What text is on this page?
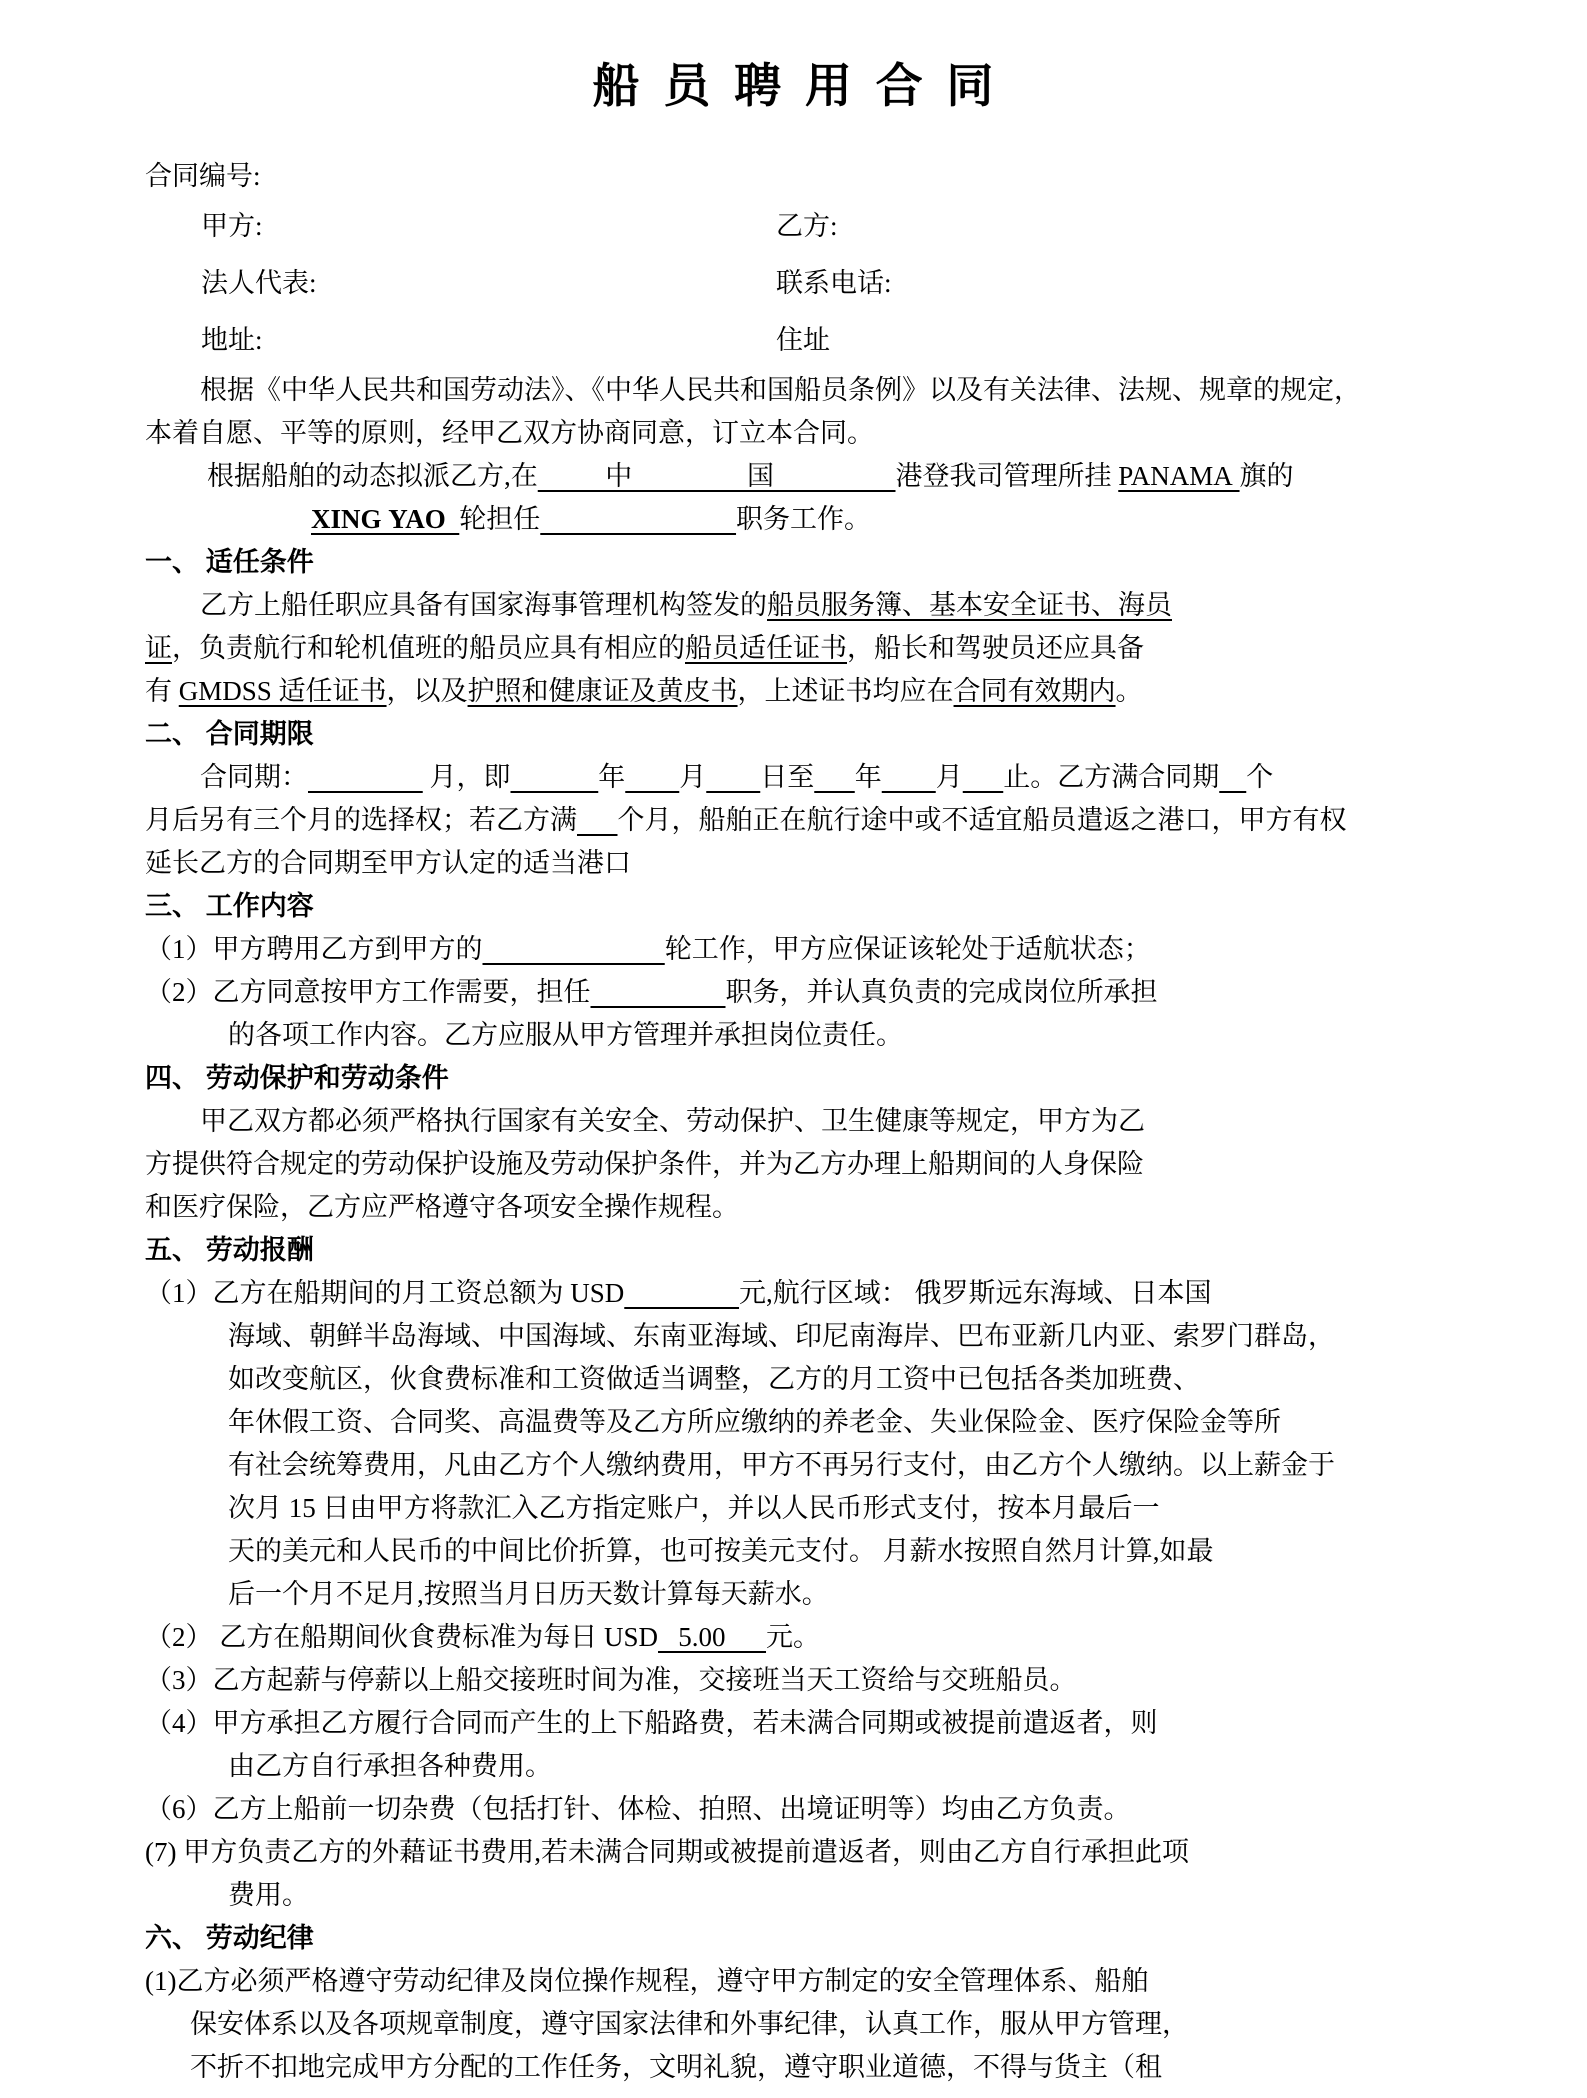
船 员 聘 用 合 同
合同编号:
甲方:	乙方:
法人代表:	联系电话:
地址:	住址
根据《中华人民共和国劳动法》、《中华人民共和国船员条例》以及有关法律、法规、规章的规定，
本着自愿、平等的原则，经甲乙双方协商同意，订立本合同。
根据船舶的动态拟派乙方,在          中                 国                  港登我司管理所挂 PANAMA 旗的
XING YAO  轮担任	职务工作。
一、 适任条件
乙方上船任职应具备有国家海事管理机构签发的船员服务簿、基本安全证书、海员
证，负责航行和轮机值班的船员应具有相应的船员适任证书，船长和驾驶员还应具备
有 GMDSS 适任证书，以及护照和健康证及黄皮书，上述证书均应在合同有效期内。
二、 合同期限
合同期：	月，即	年 月 日至 年 月 止。乙方满合同期 个
月后另有三个月的选择权；若乙方满 个月，船舶正在航行途中或不适宜船员遣返之港口，甲方有权
延长乙方的合同期至甲方认定的适当港口
三、 工作内容
（1）甲方聘用乙方到甲方的	轮工作，甲方应保证该轮处于适航状态；
（2）乙方同意按甲方工作需要，担任	职务，并认真负责的完成岗位所承担
的各项工作内容。乙方应服从甲方管理并承担岗位责任。
四、 劳动保护和劳动条件
甲乙双方都必须严格执行国家有关安全、劳动保护、卫生健康等规定，甲方为乙
方提供符合规定的劳动保护设施及劳动保护条件，并为乙方办理上船期间的人身保险
和医疗保险，乙方应严格遵守各项安全操作规程。
五、 劳动报酬
（1）乙方在船期间的月工资总额为 USD	元,航行区域： 俄罗斯远东海域、日本国
海域、朝鲜半岛海域、中国海域、东南亚海域、印尼南海岸、巴布亚新几内亚、索罗门群岛，
如改变航区，伙食费标准和工资做适当调整，乙方的月工资中已包括各类加班费、
年休假工资、合同奖、高温费等及乙方所应缴纳的养老金、失业保险金、医疗保险金等所
有社会统筹费用，凡由乙方个人缴纳费用，甲方不再另行支付，由乙方个人缴纳。以上薪金于
次月 15 日由甲方将款汇入乙方指定账户，并以人民币形式支付，按本月最后一
天的美元和人民币的中间比价折算，也可按美元支付。 月薪水按照自然月计算,如最
后一个月不足月,按照当月日历天数计算每天薪水。
（2） 乙方在船期间伙食费标准为每日 USD   5.00      元。
（3）乙方起薪与停薪以上船交接班时间为准，交接班当天工资给与交班船员。
（4）甲方承担乙方履行合同而产生的上下船路费，若未满合同期或被提前遣返者，则
由乙方自行承担各种费用。
（6）乙方上船前一切杂费（包括打针、体检、拍照、出境证明等）均由乙方负责。
(7) 甲方负责乙方的外藉证书费用,若未满合同期或被提前遣返者，则由乙方自行承担此项
费用。
六、 劳动纪律
(1)乙方必须严格遵守劳动纪律及岗位操作规程，遵守甲方制定的安全管理体系、船舶
保安体系以及各项规章制度，遵守国家法律和外事纪律，认真工作，服从甲方管理，
不折不扣地完成甲方分配的工作任务，文明礼貌，遵守职业道德，不得与货主（租
